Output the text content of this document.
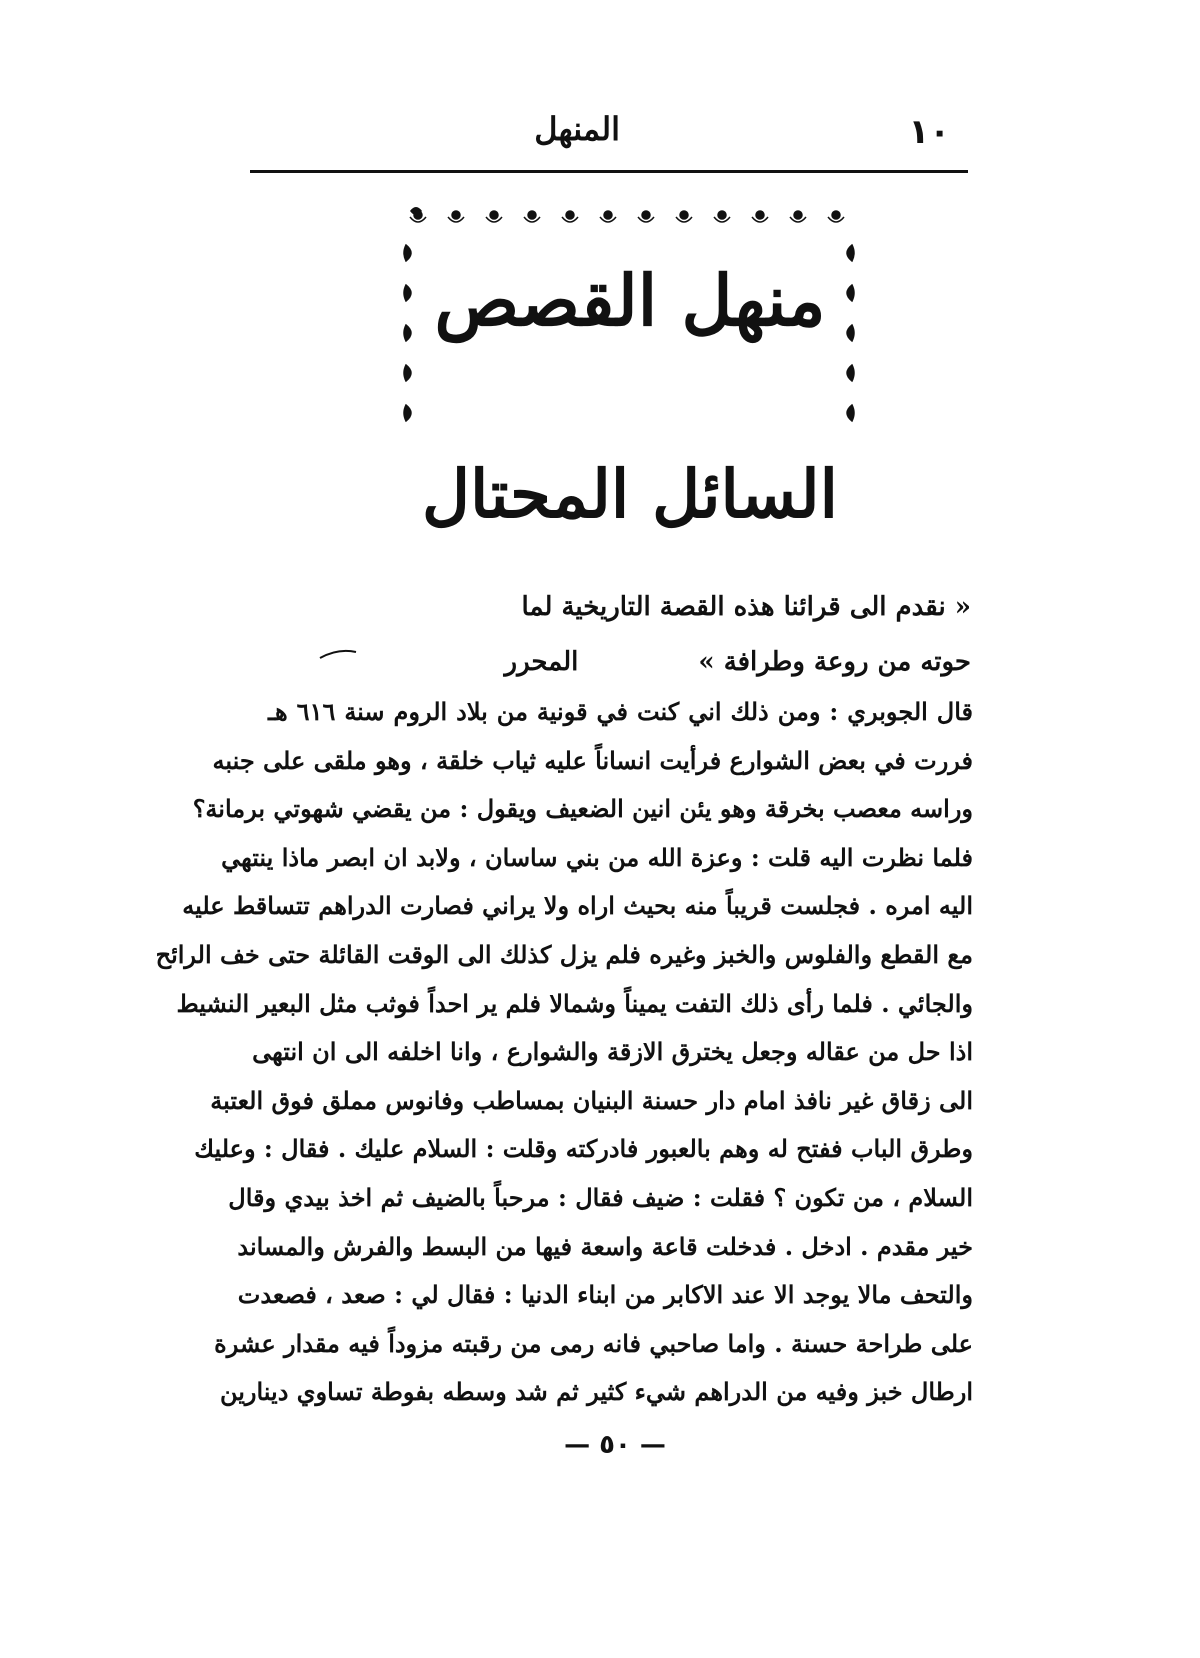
١٠
المنهل
منهل القصص
السائل المحتال
« نقدم الى قرائنا هذه القصة التاريخية لما
حوته من روعة وطرافة »
المحرر
قال الجوبري : ومن ذلك اني كنت في قونية من بلاد الروم سنة ٦١٦ هـ
فررت في بعض الشوارع فرأيت انساناً عليه ثياب خلقة ، وهو ملقى على جنبه
وراسه معصب بخرقة وهو يئن انين الضعيف ويقول : من يقضي شهوتي برمانة؟
فلما نظرت اليه قلت : وعزة الله من بني ساسان ، ولابد ان ابصر ماذا ينتهي
اليه امره . فجلست قريباً منه بحيث اراه ولا يراني فصارت الدراهم تتساقط عليه
مع القطع والفلوس والخبز وغيره فلم يزل كذلك الى الوقت القائلة حتى خف الرائح
والجائي . فلما رأى ذلك التفت يميناً وشمالا فلم ير احداً فوثب مثل البعير النشيط
اذا حل من عقاله وجعل يخترق الازقة والشوارع ، وانا اخلفه الى ان انتهى
الى زقاق غير نافذ امام دار حسنة البنيان بمساطب وفانوس مملق فوق العتبة
وطرق الباب ففتح له وهم بالعبور فادركته وقلت : السلام عليك . فقال : وعليك
السلام ، من تكون ؟ فقلت : ضيف فقال : مرحباً بالضيف ثم اخذ بيدي وقال
خير مقدم . ادخل . فدخلت قاعة واسعة فيها من البسط والفرش والمساند
والتحف مالا يوجد الا عند الاكابر من ابناء الدنيا : فقال لي : صعد ، فصعدت
على طراحة حسنة . واما صاحبي فانه رمى من رقبته مزوداً فيه مقدار عشرة
ارطال خبز وفيه من الدراهم شيء كثير ثم شد وسطه بفوطة تساوي دينارين
— ٥٠ —
